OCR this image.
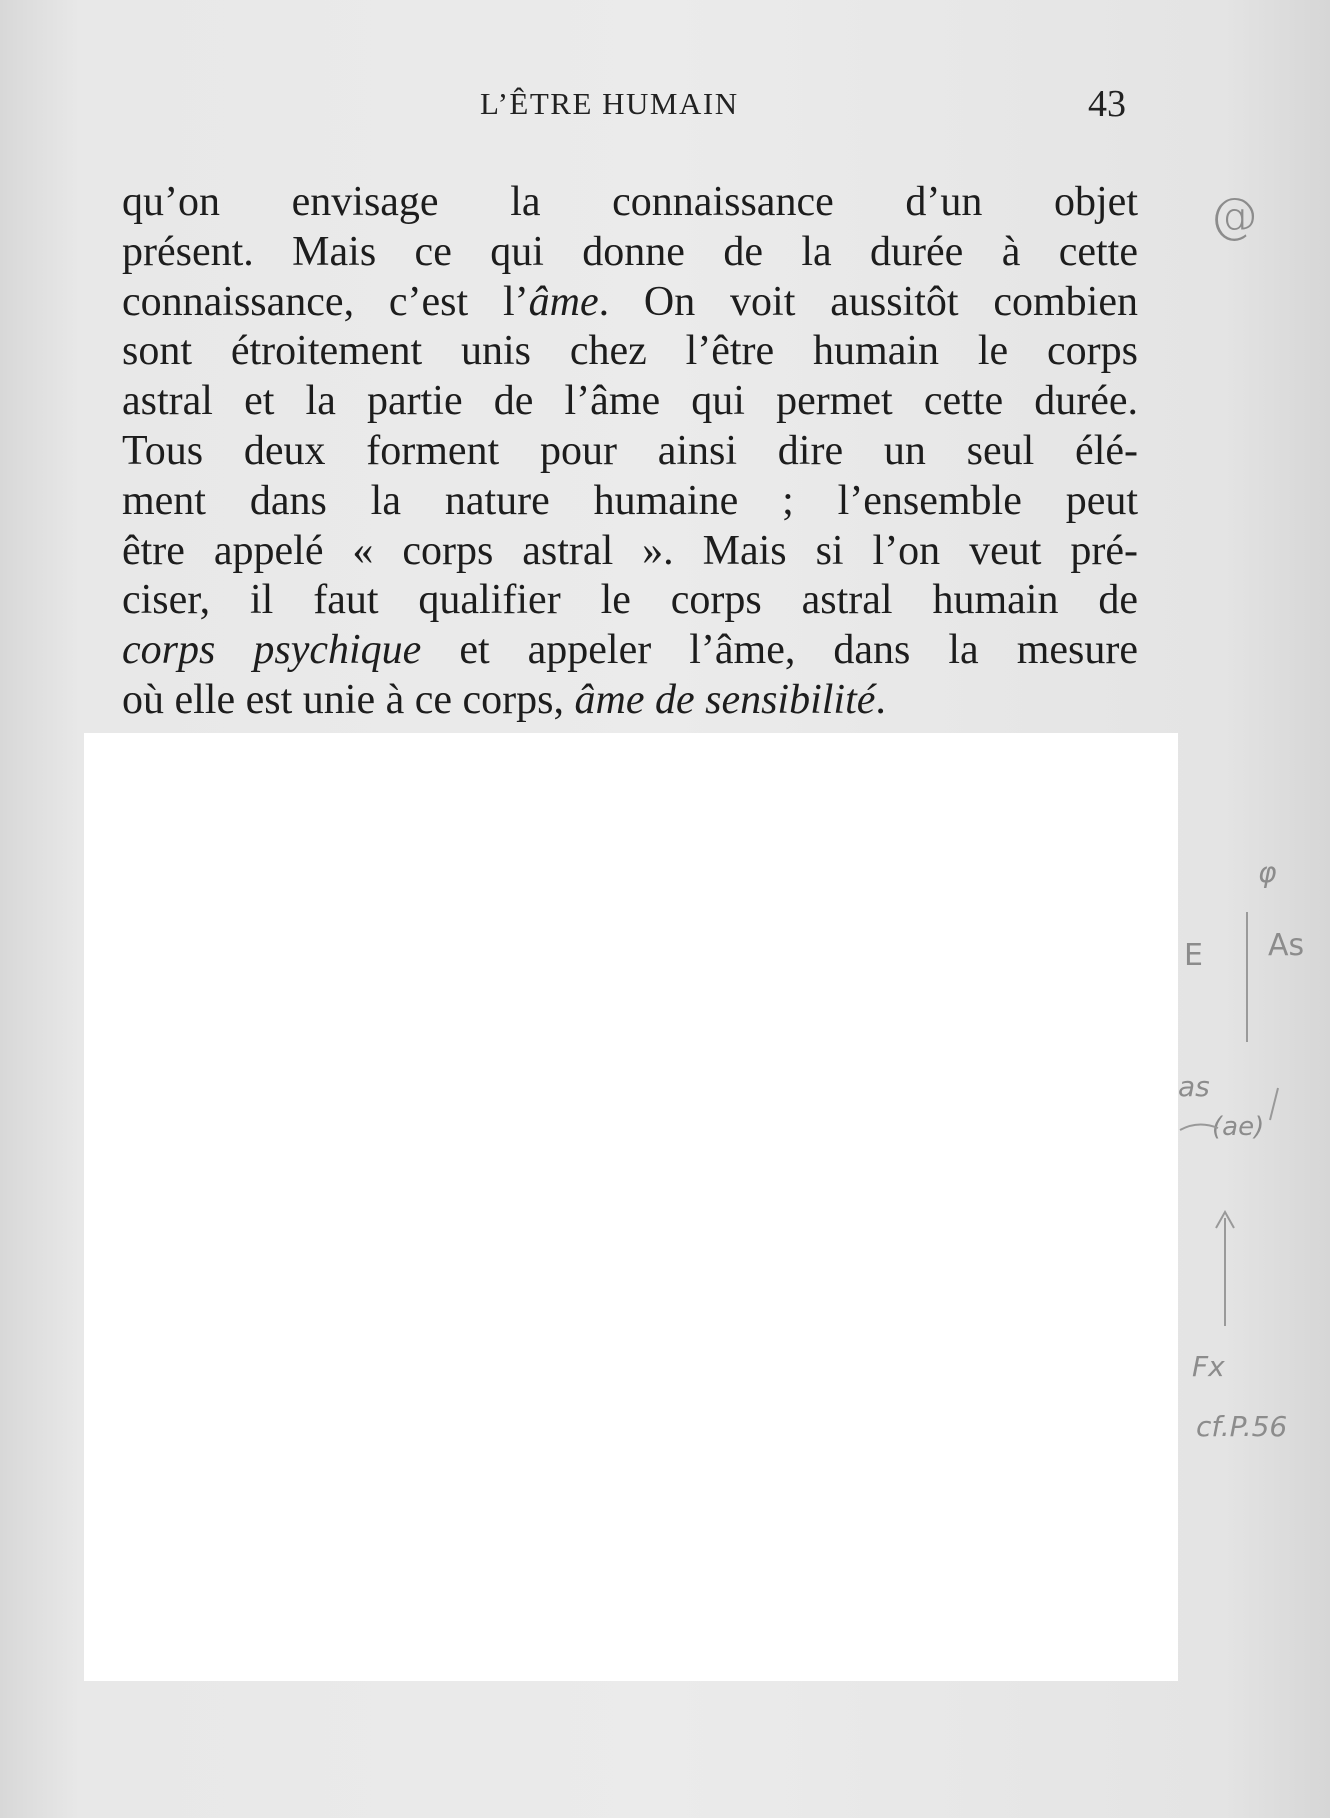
L’ÊTRE HUMAIN	43
qu’on envisage la connaissance d’un objet
présent. Mais ce qui donne de la durée à cette
connaissance, c’est l’âme. On voit aussitôt combien
sont étroitement unis chez l’être humain le corps
astral et la partie de l’âme qui permet cette durée.
Tous deux forment pour ainsi dire un seul élé-
ment dans la nature humaine ; l’ensemble peut
être appelé « corps astral ». Mais si l’on veut pré-
ciser, il faut qualifier le corps astral humain de
corps psychique et appeler l’âme, dans la mesure
où elle est unie à ce corps, âme de sensibilité.
@
φ
E As
as
(ae)
Fx
cf.P.56
